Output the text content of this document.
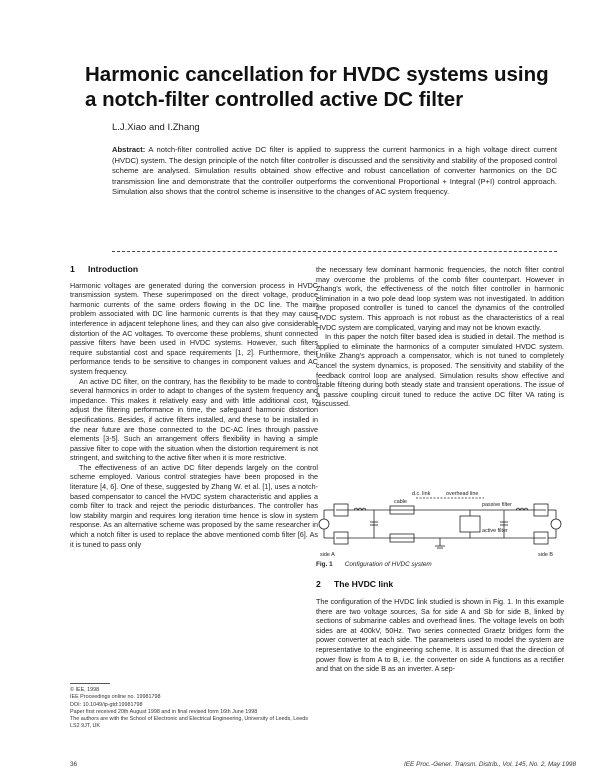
Harmonic cancellation for HVDC systems using a notch-filter controlled active DC filter
L.J.Xiao and I.Zhang

Abstract: A notch-filter controlled active DC filter is applied to suppress the current harmonics in a high voltage direct current (HVDC) system. The design principle of the notch filter controller is discussed and the sensitivity and stability of the proposed control scheme are analysed. Simulation results obtained show effective and robust cancellation of converter harmonics on the DC transmission line and demonstrate that the controller outperforms the conventional Proportional + Integral (P+I) control approach. Simulation also shows that the control scheme is insensitive to the changes of AC system frequency.

1 Introduction

Harmonic voltages are generated during the conversion process in HVDC transmission system. These superimposed on the direct voltage, produce harmonic currents of the same orders flowing in the DC line. The main problem associated with DC line harmonic currents is that they may cause interference in adjacent telephone lines, and they can also give considerable distortion of the AC voltages. To overcome these problems, shunt connected passive filters have been used in HVDC systems. However, such filters require substantial cost and space requirements [1, 2]. Furthermore, their performance tends to be sensitive to changes in component values and AC system frequency.

An active DC filter, on the contrary, has the flexibility to be made to control several harmonics in order to adapt to changes of the system frequency and impedance. This makes it relatively easy and with little additional cost, to adjust the filtering performance in time, the safeguard harmonic distortion specifications. Besides, if active filters installed, and these to be installed in the near future are those connected to the DC-AC lines through passive elements [3-5]. Such an arrangement offers flexibility in having a simple passive filter to cope with the situation when the distortion requirement is not stringent, and switching to the active filter when it is more restrictive.

The effectiveness of an active DC filter depends largely on the control scheme employed. Various control strategies have been proposed in the literature [4, 6]. One of these, suggested by Zhang W. et al. [1], uses a notch-based compensator to cancel the HVDC system characteristic and applies a comb filter to track and reject the periodic disturbances. The controller has low stability margin and requires long iteration time hence is slow in system response. As an alternative scheme was proposed by the same researcher in which a notch filter is used to replace the above mentioned comb filter [6]. As it is tuned to pass only

the necessary few dominant harmonic frequencies, the notch filter control may overcome the problems of the comb filter counterpart. However in Zhang's work, the effectiveness of the notch filter controller in harmonic elimination in a two pole dead loop system was not investigated. In addition the proposed controller is tuned to cancel the dynamics of the controlled HVDC system. This approach is not robust as the characteristics of a real HVDC system are complicated, varying and may not be known exactly.

In this paper the notch filter based idea is studied in detail. The method is applied to eliminate the harmonics of a computer simulated HVDC system. Unlike Zhang's approach a compensator, which is not tuned to completely cancel the system dynamics, is proposed. The sensitivity and stability of the feedback control loop are analysed. Simulation results show effective and stable filtering during both steady state and transient operations. The issue of a passive coupling circuit tuned to reduce the active DC filter VA rating is discussed.

d.c. link	overhead line
cable	passive filter
active filter
side A	side B
Fig. 1 Configuration of HVDC system
2 The HVDC link

The configuration of the HVDC link studied is shown in Fig. 1. In this example there are two voltage sources, Sa for side A and Sb for side B, linked by sections of submarine cables and overhead lines. The voltage levels on both sides are at 400kV, 50Hz. Two series connected Graetz bridges form the power converter at each side. The parameters used to model the system are representative to the engineering scheme. It is assumed that the direction of power flow is from A to B, i.e. the converter on side A functions as a rectifier and that on the side B as an inverter. A sep-

© IEE, 1998
IEE Proceedings online no. 19981798
DOI: 10.1049/ip-gtd:19981798
Paper first received 20th August 1998 and in final revised form 16th June 1998
The authors are with the School of Electronic and Electrical Engineering, University of Leeds, Leeds LS2 9JT, UK
36	IEE Proc.-Gener. Transm. Distrib., Vol. 145, No. 2, May 1998
